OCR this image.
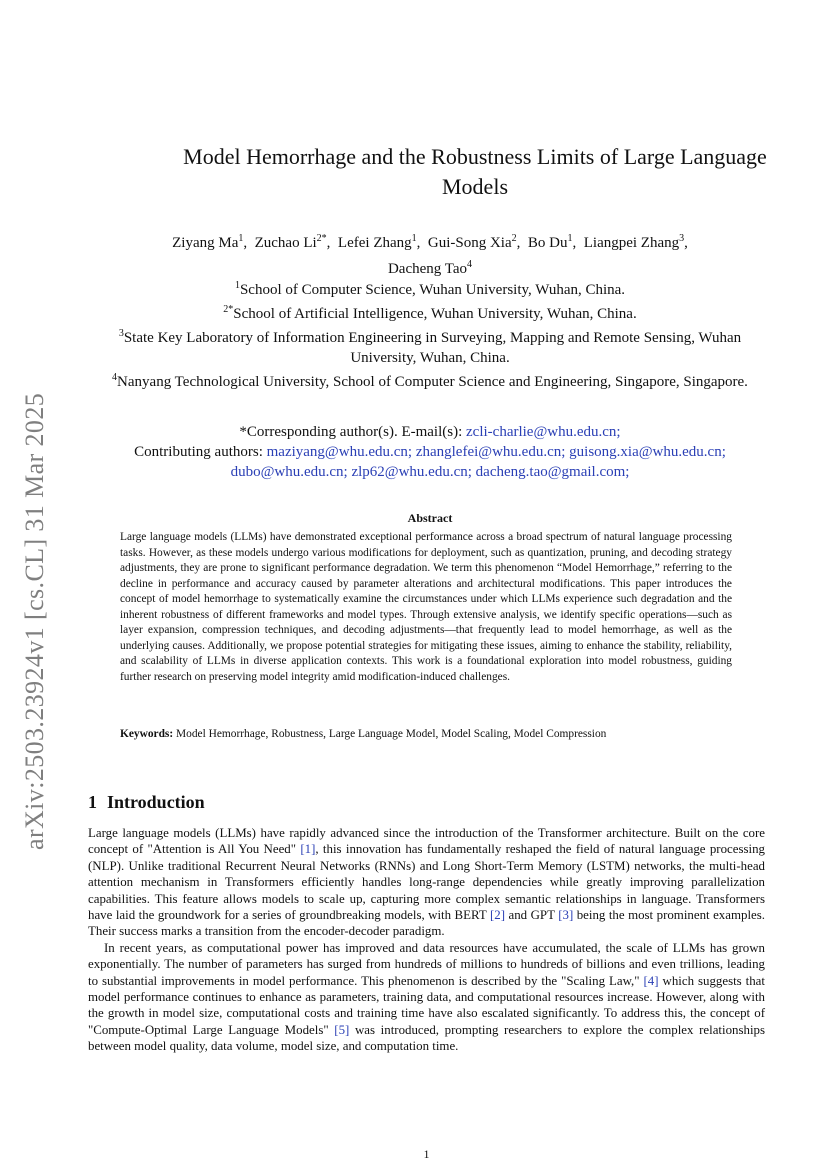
arXiv:2503.23924v1 [cs.CL] 31 Mar 2025
Model Hemorrhage and the Robustness Limits of Large Language Models
Ziyang Ma$^1$,  Zuchao $Li^{2*}$,  Lefei Zhang$^1$,  Gui-Song Xia$^2$,  Bo Du$^1$,  Liangpei Zhang$^3$,
Dacheng Tao$^4$
$^1$School of Computer Science, Wuhan University, Wuhan, China.
$^{2*}$School of Artificial Intelligence, Wuhan University, Wuhan, China.
$^3$State Key Laboratory of Information Engineering in Surveying, Mapping and Remote Sensing, Wuhan University, Wuhan, China.
$^4$Nanyang Technological University, School of Computer Science and Engineering, Singapore, Singapore.
*Corresponding author(s). E-mail(s): zcli-charlie@whu.edu.cn;
Contributing authors: maziyang@whu.edu.cn; zhanglefei@whu.edu.cn; guisong.xia@whu.edu.cn;
dubo@whu.edu.cn; zlp62@whu.edu.cn; dacheng.tao@gmail.com;
Abstract
Large language models (LLMs) have demonstrated exceptional performance across a broad spectrum of natural language processing tasks. However, as these models undergo various modifications for deployment, such as quantization, pruning, and decoding strategy adjustments, they are prone to significant performance degradation. We term this phenomenon “Model Hemorrhage,” referring to the decline in performance and accuracy caused by parameter alterations and architectural modifications. This paper introduces the concept of model hemorrhage to systematically examine the circumstances under which LLMs experience such degradation and the inherent robustness of different frameworks and model types. Through extensive analysis, we identify specific operations—such as layer expansion, compression techniques, and decoding adjustments—that frequently lead to model hemorrhage, as well as the underlying causes. Additionally, we propose potential strategies for mitigating these issues, aiming to enhance the stability, reliability, and scalability of LLMs in diverse application contexts. This work is a foundational exploration into model robustness, guiding further research on preserving model integrity amid modification-induced challenges.
Keywords: Model Hemorrhage, Robustness, Large Language Model, Model Scaling, Model Compression
1 Introduction

Large language models (LLMs) have rapidly advanced since the introduction of the Transformer architecture. Built on the core concept of "Attention is All You Need" [1], this innovation has fundamentally reshaped the field of natural language processing (NLP). Unlike traditional Recurrent Neural Networks (RNNs) and Long Short-Term Memory (LSTM) networks, the multi-head attention mechanism in Transformers efficiently handles long-range dependencies while greatly improving parallelization capabilities. This feature allows models to scale up, capturing more complex semantic relationships in language. Transformers have laid the groundwork for a series of groundbreaking models, with BERT [2] and GPT [3] being the most prominent examples. Their success marks a transition from the encoder-decoder paradigm.

In recent years, as computational power has improved and data resources have accumulated, the scale of LLMs has grown exponentially. The number of parameters has surged from hundreds of millions to hundreds of billions and even trillions, leading to substantial improvements in model performance. This phenomenon is described by the "Scaling Law," [4] which suggests that model performance continues to enhance as parameters, training data, and computational resources increase. However, along with the growth in model size, computational costs and training time have also escalated significantly. To address this, the concept of "Compute-Optimal Large Language Models" [5] was introduced, prompting researchers to explore the complex relationships between model quality, data volume, model size, and computation time.

1
